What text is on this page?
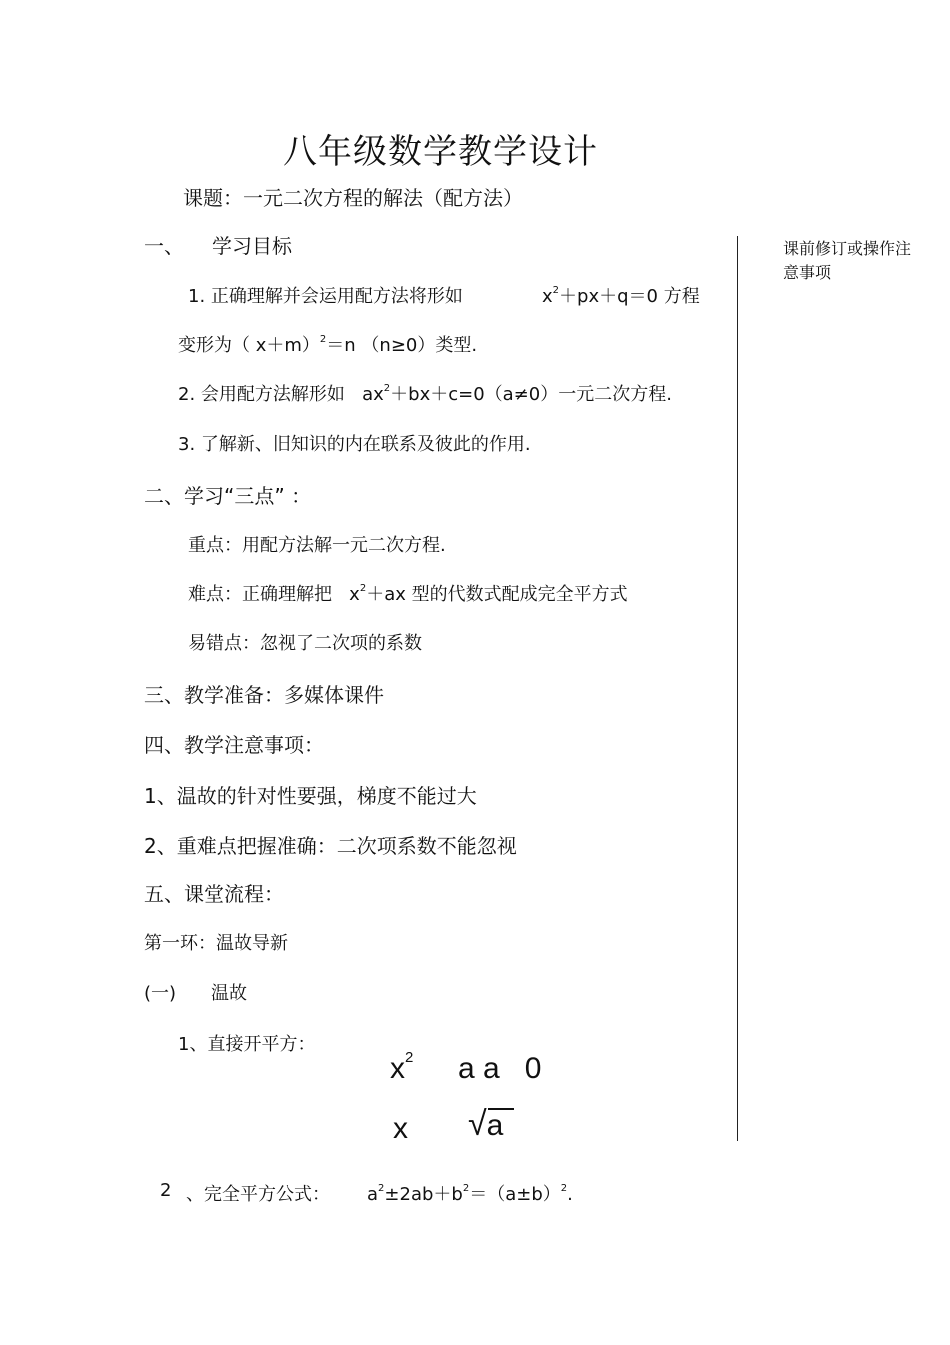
八年级数学教学设计
课题：一元二次方程的解法（配方法）
课前修订或操作注意事项
一、 学习目标
1. 正确理解并会运用配方法将形如	$x^2+px+q=0$ 方程
变形为（ x＋m）$^2$＝n （n≥0）类型.
2. 会用配方法解形如 $ax^2+bx+c=0(a\ne 0)$一元二次方程.
3. 了解新、旧知识的内在联系及彼此的作用.
二、学习“三点” ：
重点：用配方法解一元二次方程.
难点：正确理解把 $x^2+ax$ 型的代数式配成完全平方式
易错点：忽视了二次项的系数
三、教学准备：多媒体课件
四、教学注意事项：
1、温故的针对性要强，梯度不能过大
2、重难点把握准确：二次项系数不能忽视
五、课堂流程：
第一环：温故导新
(一) 温故
1、直接开平方：
$x^2$ a a   0
x √
a
2 、完全平方公式： $a^2\pm 2ab+b^2=(a\pm b)^2$.
